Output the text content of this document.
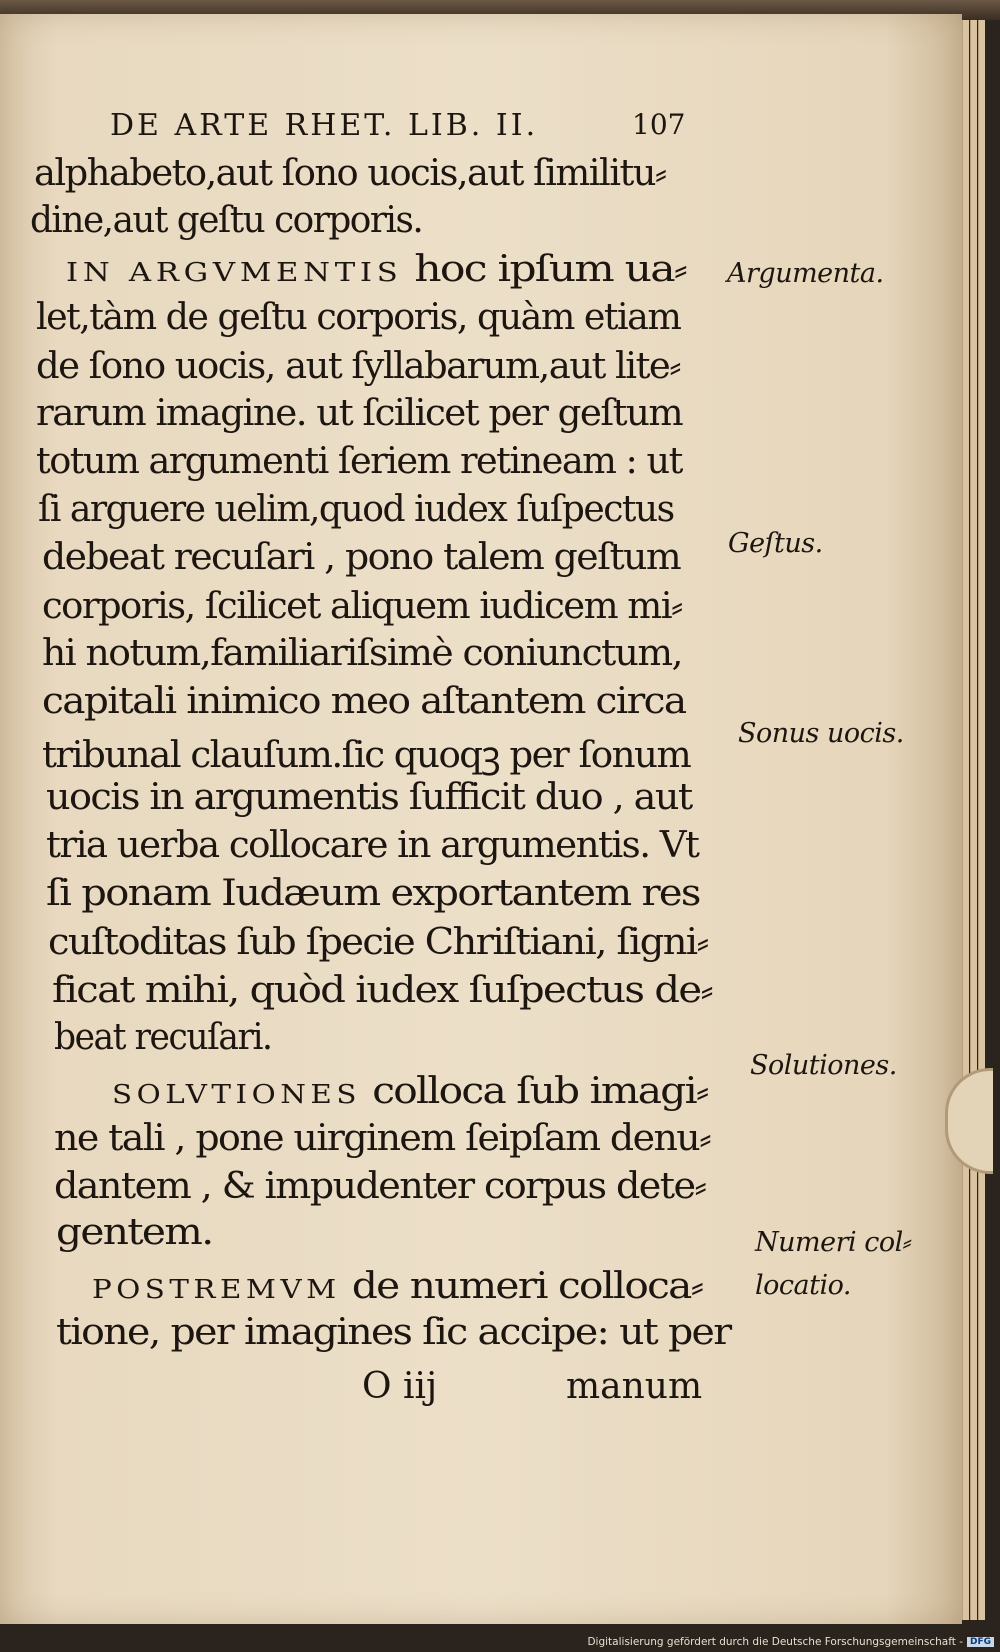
DE ARTE RHET. LIB. II.	107
alphabeto,aut ſono uocis,aut ſimilitu⸗
dine,aut geſtu corporis.
IN ARGVMENTIS hoc ipſum ua⸗
let,tàm de geſtu corporis, quàm etiam
de ſono uocis, aut ſyllabarum,aut lite⸗
rarum imagine. ut ſcilicet per geſtum
totum argumenti ſeriem retineam : ut
ſi arguere uelim,quod iudex ſuſpectus
debeat recuſari , pono talem geſtum
corporis, ſcilicet aliquem iudicem mi⸗
hi notum,familiariſsimè coniunctum,
capitali inimico meo aſtantem circa
tribunal clauſum.ſic quoqꝫ per ſonum
uocis in argumentis ſufficit duo , aut
tria uerba collocare in argumentis. Vt
ſi ponam Iudæum exportantem res
cuſtoditas ſub ſpecie Chriſtiani, ſigni⸗
ficat mihi, quòd iudex ſuſpectus de⸗
beat recuſari.
SOLVTIONES colloca ſub imagi⸗
ne tali , pone uirginem ſeipſam denu⸗
dantem , & impudenter corpus dete⸗
gentem.
POSTREMVM de numeri colloca⸗
tione, per imagines ſic accipe: ut per
Argumenta.
Geſtus.
Sonus uocis.
Solutiones.
Numeri col⸗
locatio.
O iij	manum
Digitalisierung gefördert durch die Deutsche Forschungsgemeinschaft - DFG
